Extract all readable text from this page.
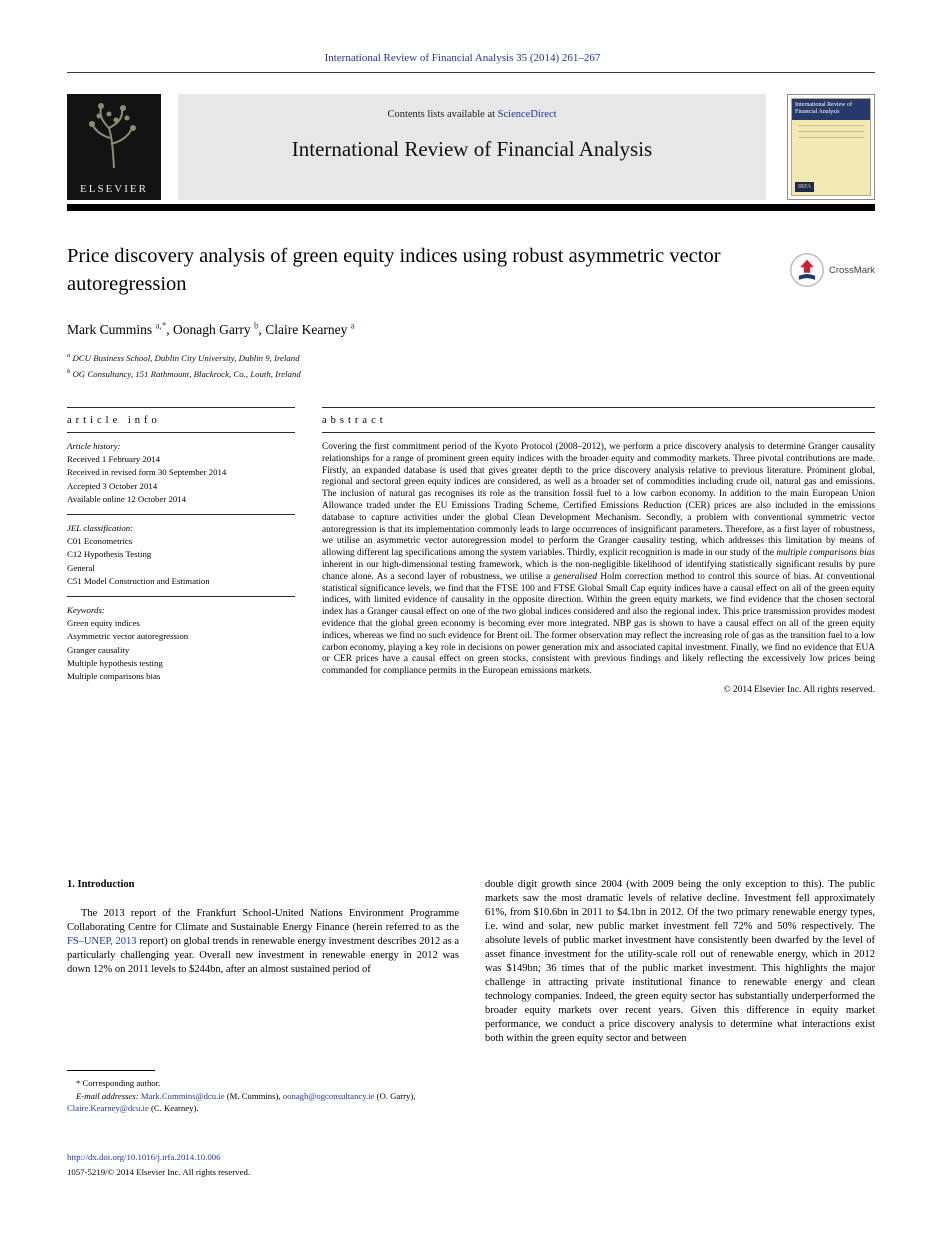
International Review of Financial Analysis 35 (2014) 261–267
ELSEVIER
Contents lists available at ScienceDirect
International Review of Financial Analysis
International Review of Financial Analysis
IRFA
Price discovery analysis of green equity indices using robust asymmetric vector autoregression
CrossMark
Mark Cummins $^{a,*}$, Oonagh Garry $^b$, Claire Kearney $^a$
$^a$ DCU Business School, Dublin City University, Dublin 9, Ireland
$^b$ OG Consultancy, 151 Rathmount, Blackrock, Co., Louth, Ireland
article info
Article history:
Received 1 February 2014
Received in revised form 30 September 2014
Accepted 3 October 2014
Available online 12 October 2014
JEL classification:
C01 Econometrics
C12 Hypothesis Testing
General
C51 Model Construction and Estimation
Keywords:
Green equity indices
Asymmetric vector autoregression
Granger causality
Multiple hypothesis testing
Multiple comparisons bias
abstract
Covering the first commitment period of the Kyoto Protocol (2008–2012), we perform a price discovery analysis to determine Granger causality relationships for a range of prominent green equity indices with the broader equity and commodity markets. Three pivotal contributions are made. Firstly, an expanded database is used that gives greater depth to the price discovery analysis relative to previous literature. Prominent global, regional and sectoral green equity indices are considered, as well as a broader set of commodities including crude oil, natural gas and emissions. The inclusion of natural gas recognises its role as the transition fossil fuel to a low carbon economy. In addition to the main European Union Allowance traded under the EU Emissions Trading Scheme, Certified Emissions Reduction (CER) prices are also included in the emissions database to capture activities under the global Clean Development Mechanism. Secondly, a problem with conventional symmetric vector autoregression is that its implementation commonly leads to large occurrences of insignificant parameters. Therefore, as a first layer of robustness, we utilise an asymmetric vector autoregression model to perform the Granger causality testing, which addresses this limitation by means of allowing different lag specifications among the system variables. Thirdly, explicit recognition is made in our study of the multiple comparisons bias inherent in our high-dimensional testing framework, which is the non-negligible likelihood of identifying statistically significant results by pure chance alone. As a second layer of robustness, we utilise a generalised Holm correction method to control this source of bias. At conventional statistical significance levels, we find that the FTSE 100 and FTSE Global Small Cap equity indices have a causal effect on all of the green equity indices, with limited evidence of causality in the opposite direction. Within the green equity markets, we find evidence that the chosen sectoral index has a Granger causal effect on one of the two global indices considered and also the regional index. This price transmission provides modest evidence that the global green economy is becoming ever more integrated. NBP gas is shown to have a causal effect on all of the green equity indices, whereas we find no such evidence for Brent oil. The former observation may reflect the increasing role of gas as the transition fuel to a low carbon economy, playing a key role in decisions on power generation mix and associated capital investment. Finally, we find no evidence that EUA or CER prices have a causal effect on green stocks, consistent with previous findings and likely reflecting the excessively low prices being commanded for compliance permits in the European emissions markets.
© 2014 Elsevier Inc. All rights reserved.
1. Introduction

The 2013 report of the Frankfurt School-United Nations Environment Programme Collaborating Centre for Climate and Sustainable Energy Finance (herein referred to as the FS–UNEP, 2013 report) on global trends in renewable energy investment describes 2012 as a particularly challenging year. Overall new investment in renewable energy in 2012 was down 12% on 2011 levels to $244bn, after an almost sustained period of

double digit growth since 2004 (with 2009 being the only exception to this). The public markets saw the most dramatic levels of relative decline. Investment fell approximately 61%, from $10.6bn in 2011 to $4.1bn in 2012. Of the two primary renewable energy types, i.e. wind and solar, new public market investment fell 72% and 50% respectively. The absolute levels of public market investment have consistently been dwarfed by the level of asset finance investment for the utility-scale roll out of renewable energy, which in 2012 was $149bn; 36 times that of the public market investment. This highlights the major challenge in attracting private institutional finance to renewable energy and clean technology companies. Indeed, the green equity sector has substantially underperformed the broader equity markets over recent years. Given this difference in equity market performance, we conduct a price discovery analysis to determine what interactions exist both within the green equity sector and between

* Corresponding author.

E-mail addresses: Mark.Cummins@dcu.ie (M. Cummins), oonagh@ogconsultancy.ie (O. Garry), Claire.Kearney@dcu.ie (C. Kearney).

http://dx.doi.org/10.1016/j.irfa.2014.10.006
1057-5219/© 2014 Elsevier Inc. All rights reserved.
